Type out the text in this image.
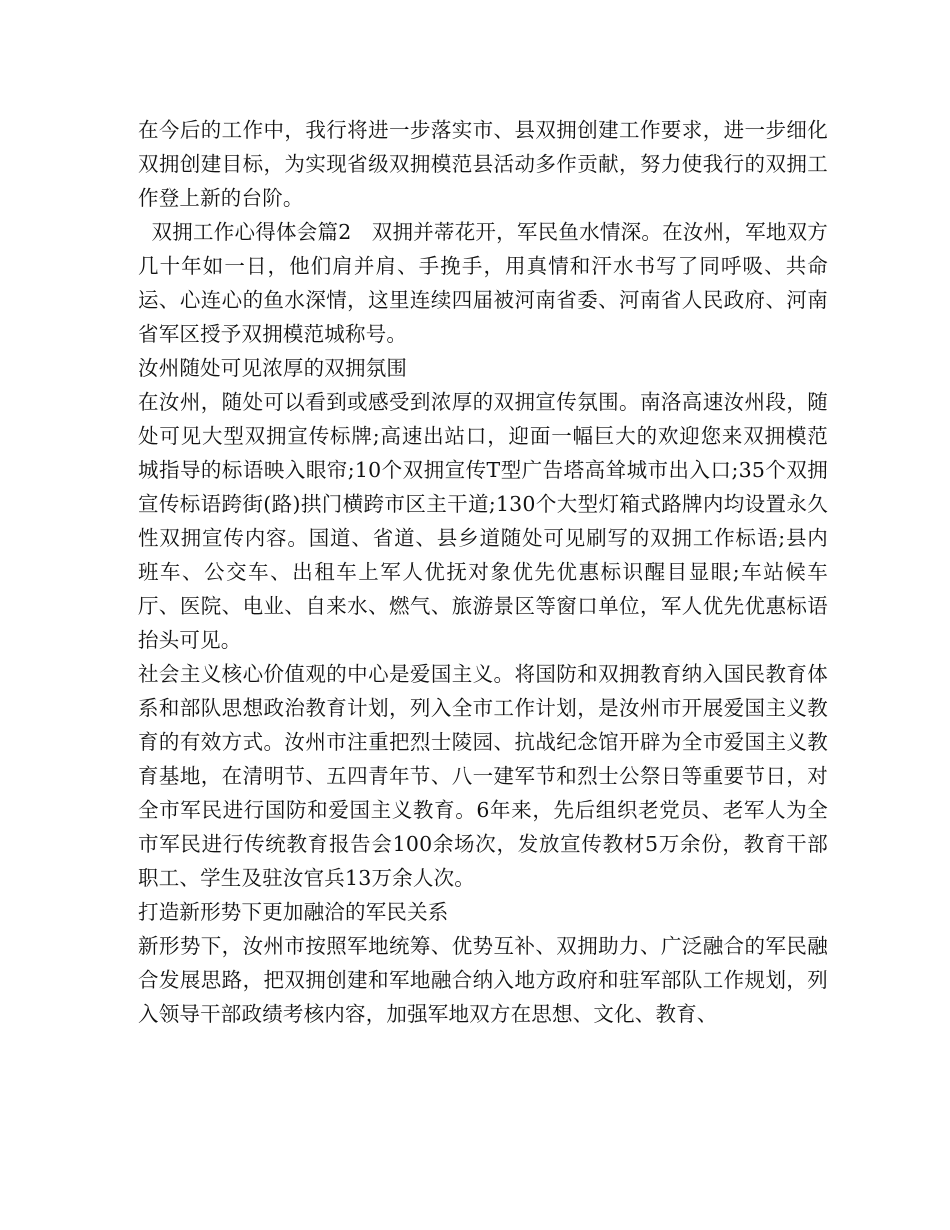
在今后的工作中，我行将进一步落实市、县双拥创建工作要求，进一步细化双拥创建目标，为实现省级双拥模范县活动多作贡献，努力使我行的双拥工作登上新的台阶。

双拥工作心得体会篇2   双拥并蒂花开，军民鱼水情深。在汝州，军地双方几十年如一日，他们肩并肩、手挽手，用真情和汗水书写了同呼吸、共命运、心连心的鱼水深情，这里连续四届被河南省委、河南省人民政府、河南省军区授予双拥模范城称号。

汝州随处可见浓厚的双拥氛围

在汝州，随处可以看到或感受到浓厚的双拥宣传氛围。南洛高速汝州段，随处可见大型双拥宣传标牌;高速出站口，迎面一幅巨大的欢迎您来双拥模范城指导的标语映入眼帘;10个双拥宣传T型广告塔高耸城市出入口;35个双拥宣传标语跨街(路)拱门横跨市区主干道;130个大型灯箱式路牌内均设置永久性双拥宣传内容。国道、省道、县乡道随处可见刷写的双拥工作标语;县内班车、公交车、出租车上军人优抚对象优先优惠标识醒目显眼;车站候车厅、医院、电业、自来水、燃气、旅游景区等窗口单位，军人优先优惠标语抬头可见。

社会主义核心价值观的中心是爱国主义。将国防和双拥教育纳入国民教育体系和部队思想政治教育计划，列入全市工作计划，是汝州市开展爱国主义教育的有效方式。汝州市注重把烈士陵园、抗战纪念馆开辟为全市爱国主义教育基地，在清明节、五四青年节、八一建军节和烈士公祭日等重要节日，对全市军民进行国防和爱国主义教育。6年来，先后组织老党员、老军人为全市军民进行传统教育报告会100余场次，发放宣传教材5万余份，教育干部职工、学生及驻汝官兵13万余人次。

打造新形势下更加融洽的军民关系

新形势下，汝州市按照军地统筹、优势互补、双拥助力、广泛融合的军民融合发展思路，把双拥创建和军地融合纳入地方政府和驻军部队工作规划，列入领导干部政绩考核内容，加强军地双方在思想、文化、教育、
